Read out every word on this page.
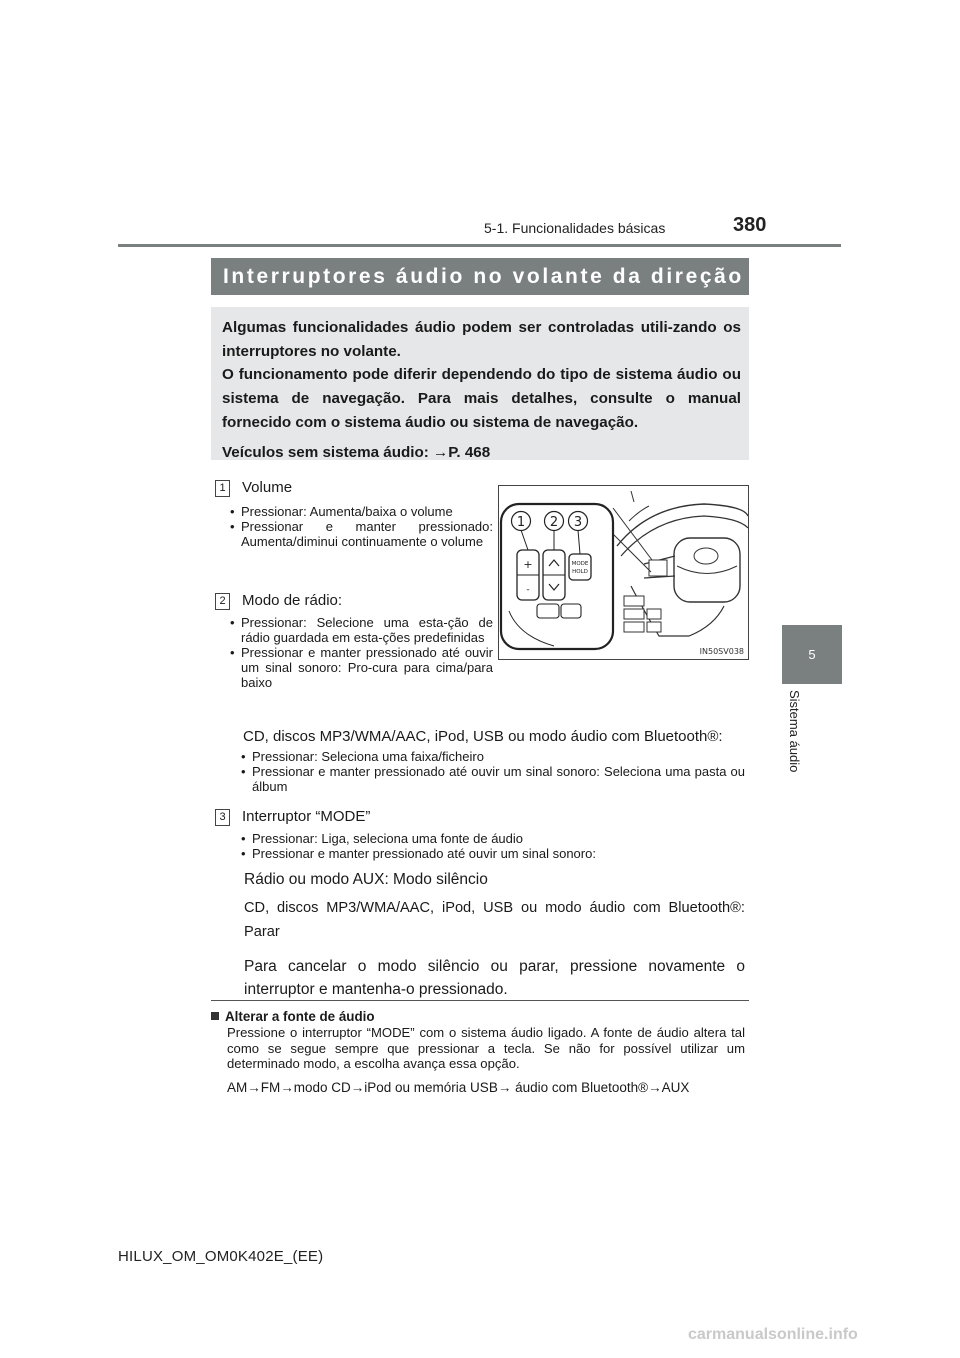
5-1. Funcionalidades básicas	380
5
Sistema áudio
Interruptores áudio no volante da direção

Algumas funcionalidades áudio podem ser controladas utili-zando os interruptores no volante.

O funcionamento pode diferir dependendo do tipo de sistema áudio ou sistema de navegação. Para mais detalhes, consulte o manual fornecido com o sistema áudio ou sistema de navegação.

Veículos sem sistema áudio: →P. 468

1 Volume
• Pressionar: Aumenta/baixa o volume
• Pressionar e manter pressionado: Aumenta/diminui continuamente o volume
2 Modo de rádio:
• Pressionar: Selecione uma esta-ção de rádio guardada em esta-ções predefinidas
• Pressionar e manter pressionado até ouvir um sinal sonoro: Pro-cura para cima/para baixo
CD, discos MP3/WMA/AAC, iPod, USB ou modo áudio com Bluetooth®:
• Pressionar: Seleciona uma faixa/ficheiro
• Pressionar e manter pressionado até ouvir um sinal sonoro: Seleciona uma pasta ou álbum
3 Interruptor “MODE”
• Pressionar: Liga, seleciona uma fonte de áudio
• Pressionar e manter pressionado até ouvir um sinal sonoro:
Rádio ou modo AUX: Modo silêncio
CD, discos MP3/WMA/AAC, iPod, USB ou modo áudio com Bluetooth®: Parar
Para cancelar o modo silêncio ou parar, pressione novamente o interruptor e mantenha-o pressionado.
+
-
MODE
HOLD
1 2 3
IN50SV038
Alterar a fonte de áudio
Pressione o interruptor “MODE” com o sistema áudio ligado. A fonte de áudio altera tal como se segue sempre que pressionar a tecla. Se não for possível utilizar um determinado modo, a escolha avança essa opção.
AM→FM→modo CD→iPod ou memória USB→ áudio com Bluetooth®→AUX
HILUX_OM_OM0K402E_(EE)
carmanualsonline.info
